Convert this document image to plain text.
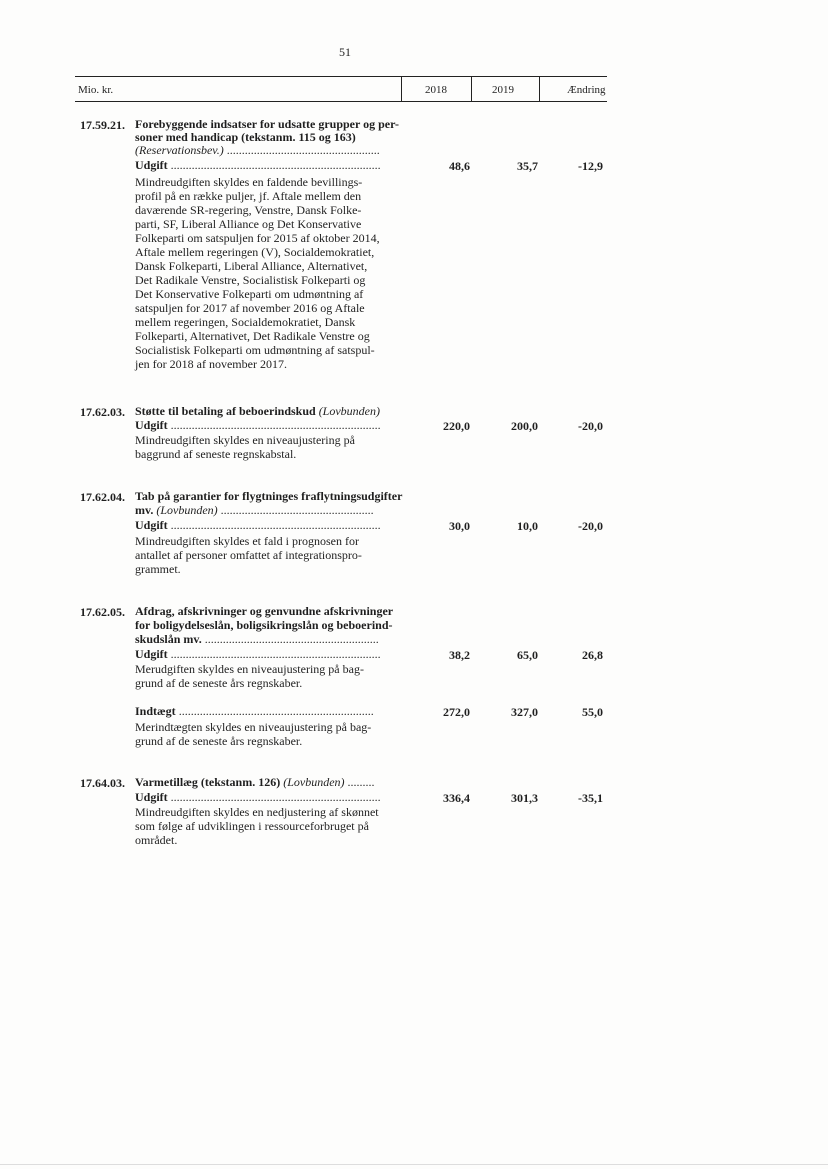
51
Mio. kr.	2018	2019	Ændring
17.59.21. Forebyggende indsatser for udsatte grupper og per-
soner med handicap (tekstanm. 115 og 163)
(Reservationsbev.) ...................................................
Udgift ......................................................................	48,6	35,7	-12,9
Mindreudgiften skyldes en faldende bevillings-
profil på en række puljer, jf. Aftale mellem den
daværende SR-regering, Venstre, Dansk Folke-
parti, SF, Liberal Alliance og Det Konservative
Folkeparti om satspuljen for 2015 af oktober 2014,
Aftale mellem regeringen (V), Socialdemokratiet,
Dansk Folkeparti, Liberal Alliance, Alternativet,
Det Radikale Venstre, Socialistisk Folkeparti og
Det Konservative Folkeparti om udmøntning af
satspuljen for 2017 af november 2016 og Aftale
mellem regeringen, Socialdemokratiet, Dansk
Folkeparti, Alternativet, Det Radikale Venstre og
Socialistisk Folkeparti om udmøntning af satspul-
jen for 2018 af november 2017.
17.62.03. Støtte til betaling af beboerindskud (Lovbunden)
Udgift ......................................................................	220,0	200,0	-20,0
Mindreudgiften skyldes en niveaujustering på
baggrund af seneste regnskabstal.
17.62.04. Tab på garantier for flygtninges fraflytningsudgifter
mv. (Lovbunden) ...................................................
Udgift ......................................................................	30,0	10,0	-20,0
Mindreudgiften skyldes et fald i prognosen for
antallet af personer omfattet af integrationspro-
grammet.
17.62.05. Afdrag, afskrivninger og genvundne afskrivninger
for boligydelseslån, boligsikringslån og beboerind-
skudslån mv. ..........................................................
Udgift ......................................................................	38,2	65,0	26,8
Merudgiften skyldes en niveaujustering på bag-
grund af de seneste års regnskaber.
Indtægt .................................................................	272,0	327,0	55,0
Merindtægten skyldes en niveaujustering på bag-
grund af de seneste års regnskaber.
17.64.03. Varmetillæg (tekstanm. 126) (Lovbunden) .........
Udgift ......................................................................	336,4	301,3	-35,1
Mindreudgiften skyldes en nedjustering af skønnet
som følge af udviklingen i ressourceforbruget på
området.
